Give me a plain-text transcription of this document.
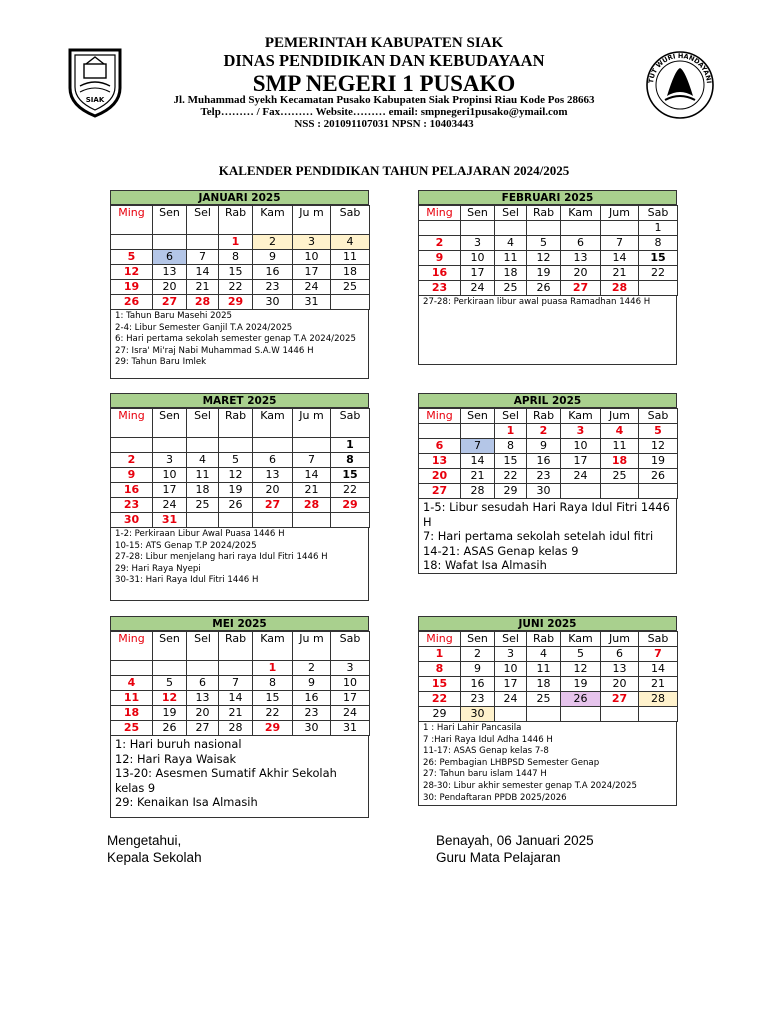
SIAK
TUT WURI HANDAYANI
PEMERINTAH KABUPATEN SIAK
DINAS PENDIDIKAN DAN KEBUDAYAAN
SMP NEGERI 1 PUSAKO
Jl. Muhammad Syekh Kecamatan Pusako Kabupaten Siak Propinsi Riau Kode Pos 28663
Telp……… / Fax……… Website……… email: smpnegeri1pusako@ymail.com
NSS : 201091107031 NPSN : 10403443
KALENDER PENDIDIKAN TAHUN PELAJARAN 2024/2025
JANUARI 2025
Ming	Sen	Sel	Rab	Kam	Ju m	Sab
			1	2	3	4
5	6	7	8	9	10	11
12	13	14	15	16	17	18
19	20	21	22	23	24	25
26	27	28	29	30	31	
1: Tahun Baru Masehi 2025
2-4: Libur Semester Ganjil T.A 2024/2025
6: Hari pertama sekolah semester genap T.A 2024/2025
27: Isra' Mi'raj Nabi Muhammad S.A.W 1446 H
29: Tahun Baru Imlek
FEBRUARI 2025
Ming	Sen	Sel	Rab	Kam	Jum	Sab
						1
2	3	4	5	6	7	8
9	10	11	12	13	14	15
16	17	18	19	20	21	22
23	24	25	26	27	28	
27-28: Perkiraan libur awal puasa Ramadhan 1446 H
MARET 2025
Ming	Sen	Sel	Rab	Kam	Ju m	Sab
						1
2	3	4	5	6	7	8
9	10	11	12	13	14	15
16	17	18	19	20	21	22
23	24	25	26	27	28	29
30	31					
1-2: Perkiraan Libur Awal Puasa 1446 H
10-15: ATS Genap T.P 2024/2025
27-28: Libur menjelang hari raya Idul Fitri 1446 H
29: Hari Raya Nyepi
30-31: Hari Raya Idul Fitri 1446 H
APRIL 2025
Ming	Sen	Sel	Rab	Kam	Jum	Sab
		1	2	3	4	5
6	7	8	9	10	11	12
13	14	15	16	17	18	19
20	21	22	23	24	25	26
27	28	29	30			
1-5: Libur sesudah Hari Raya Idul Fitri 1446 H
7: Hari pertama sekolah setelah idul fitri
14-21: ASAS Genap kelas 9
18: Wafat Isa Almasih
MEI 2025
Ming	Sen	Sel	Rab	Kam	Ju m	Sab
				1	2	3
4	5	6	7	8	9	10
11	12	13	14	15	16	17
18	19	20	21	22	23	24
25	26	27	28	29	30	31
1: Hari buruh nasional
12: Hari Raya Waisak
13-20: Asesmen Sumatif Akhir Sekolah kelas 9
29: Kenaikan Isa Almasih
JUNI 2025
Ming	Sen	Sel	Rab	Kam	Jum	Sab
1	2	3	4	5	6	7
8	9	10	11	12	13	14
15	16	17	18	19	20	21
22	23	24	25	26	27	28
29	30					
1 : Hari Lahir Pancasila
7 :Hari Raya Idul Adha 1446 H
11-17: ASAS Genap kelas 7-8
26: Pembagian LHBPSD Semester Genap
27: Tahun baru islam 1447 H
28-30: Libur akhir semester genap T.A 2024/2025
30: Pendaftaran PPDB 2025/2026
Mengetahui,
Kepala Sekolah
Benayah, 06 Januari 2025
Guru Mata Pelajaran
